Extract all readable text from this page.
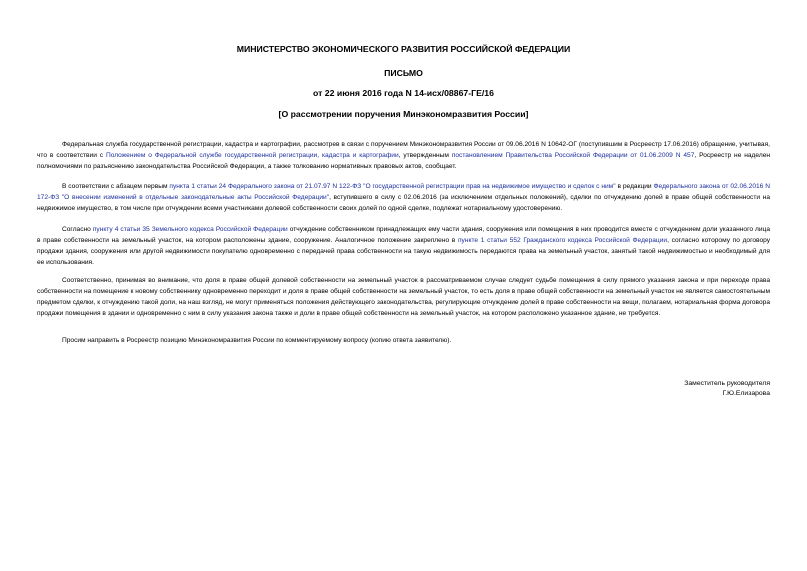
МИНИСТЕРСТВО ЭКОНОМИЧЕСКОГО РАЗВИТИЯ РОССИЙСКОЙ ФЕДЕРАЦИИ
ПИСЬМО
от 22 июня 2016 года N 14-исх/08867-ГЕ/16
[О рассмотрении поручения Минэкономразвития России]

Федеральная служба государственной регистрации, кадастра и картографии, рассмотрев в связи с поручением Минэкономразвития России от 09.06.2016 N 10642-ОГ (поступившим в Росреестр 17.06.2016) обращение, учитывая, что в соответствии с Положением о Федеральной службе государственной регистрации, кадастра и картографии, утвержденным постановлением Правительства Российской Федерации от 01.06.2009 N 457, Росреестр не наделен полномочиями по разъяснению законодательства Российской Федерации, а также толкованию нормативных правовых актов, сообщает.

В соответствии с абзацем первым пункта 1 статьи 24 Федерального закона от 21.07.97 N 122-ФЗ "О государственной регистрации прав на недвижимое имущество и сделок с ним" в редакции Федерального закона от 02.06.2016 N 172-ФЗ "О внесении изменений в отдельные законодательные акты Российской Федерации", вступившего в силу с 02.06.2016 (за исключением отдельных положений), сделки по отчуждению долей в праве общей собственности на недвижимое имущество, в том числе при отчуждении всеми участниками долевой собственности своих долей по одной сделке, подлежат нотариальному удостоверению.

Согласно пункту 4 статьи 35 Земельного кодекса Российской Федерации отчуждение собственником принадлежащих ему части здания, сооружения или помещения в них проводится вместе с отчуждением доли указанного лица в праве собственности на земельный участок, на котором расположены здание, сооружение. Аналогичное положение закреплено в пункте 1 статьи 552 Гражданского кодекса Российской Федерации, согласно которому по договору продажи здания, сооружения или другой недвижимости покупателю одновременно с передачей права собственности на такую недвижимость передаются права на земельный участок, занятый такой недвижимостью и необходимый для ее использования.

Соответственно, принимая во внимание, что доля в праве общей долевой собственности на земельный участок в рассматриваемом случае следует судьбе помещения в силу прямого указания закона и при переходе права собственности на помещение к новому собственнику одновременно переходит и доля в праве общей собственности на земельный участок, то есть доля в праве общей собственности на земельный участок не является самостоятельным предметом сделки, к отчуждению такой доли, на наш взгляд, не могут применяться положения действующего законодательства, регулирующие отчуждение долей в праве собственности на вещи, полагаем, нотариальная форма договора продажи помещения в здании и одновременно с ним в силу указания закона также и доли в праве общей собственности на земельный участок, на котором расположено указанное здание, не требуется.

Просим направить в Росреестр позицию Минэкономразвития России по комментируемому вопросу (копию ответа заявителю).

Заместитель руководителя
Г.Ю.Елизарова
